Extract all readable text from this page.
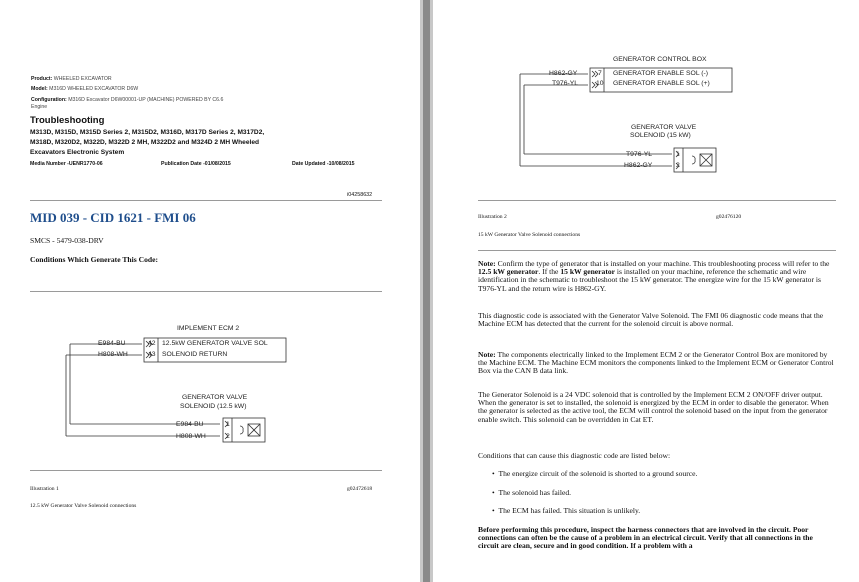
Product: WHEELED EXCAVATOR
Model: M316D WHEELED EXCAVATOR D6W
Configuration: M316D Excavator D6W00001-UP (MACHINE) POWERED BY C6.6
Engine
Troubleshooting
M313D, M315D, M315D Series 2, M315D2, M316D, M317D Series 2, M317D2,
M318D, M320D2, M322D, M322D 2 MH, M322D2 and M324D 2 MH Wheeled
Excavators Electronic System
Media Number -UENR1770-06	Publication Date -01/08/2015	Date Updated -10/08/2015
i04258632
MID 039 - CID 1621 - FMI 06
SMCS - 5479-038-DRV
Conditions Which Generate This Code:
IMPLEMENT ECM 2
E984-BU
H808-WH
42
43
12.5kW GENERATOR VALVE SOL
SOLENOID RETURN
GENERATOR VALVE
SOLENOID (12.5 kW)
E984-BU
H808-WH
1
2
Illustration 1	g02472618
12.5 kW Generator Valve Solenoid connections
GENERATOR CONTROL BOX
H862-GY
T976-YL
7
10
GENERATOR ENABLE SOL (-)
GENERATOR ENABLE SOL (+)
GENERATOR VALVE
SOLENOID (15 kW)
T976-YL
H862-GY
1
2
Illustration 2	g02476120
15 kW Generator Valve Solenoid connections
Note: Confirm the type of generator that is installed on your machine. This troubleshooting process will refer to the 12.5 kW generator. If the 15 kW generator is installed on your machine, reference the schematic and wire identification in the schematic to troubleshoot the 15 kW generator. The energize wire for the 15 kW generator is T976-YL and the return wire is H862-GY.
This diagnostic code is associated with the Generator Valve Solenoid. The FMI 06 diagnostic code means that the Machine ECM has detected that the current for the solenoid circuit is above normal.
Note: The components electrically linked to the Implement ECM 2 or the Generator Control Box are monitored by the Machine ECM. The Machine ECM monitors the components linked to the Implement ECM or Generator Control Box via the CAN B data link.
The Generator Solenoid is a 24 VDC solenoid that is controlled by the Implement ECM 2 ON/OFF driver output. When the generator is set to installed, the solenoid is energized by the ECM in order to disable the generator. When the generator is selected as the active tool, the ECM will control the solenoid based on the input from the generator enable switch. This solenoid can be overridden in Cat ET.
Conditions that can cause this diagnostic code are listed below:
•  The energize circuit of the solenoid is shorted to a ground source.
•  The solenoid has failed.
•  The ECM has failed. This situation is unlikely.
Before performing this procedure, inspect the harness connectors that are involved in the circuit. Poor connections can often be the cause of a problem in an electrical circuit. Verify that all connections in the circuit are clean, secure and in good condition. If a problem with a
